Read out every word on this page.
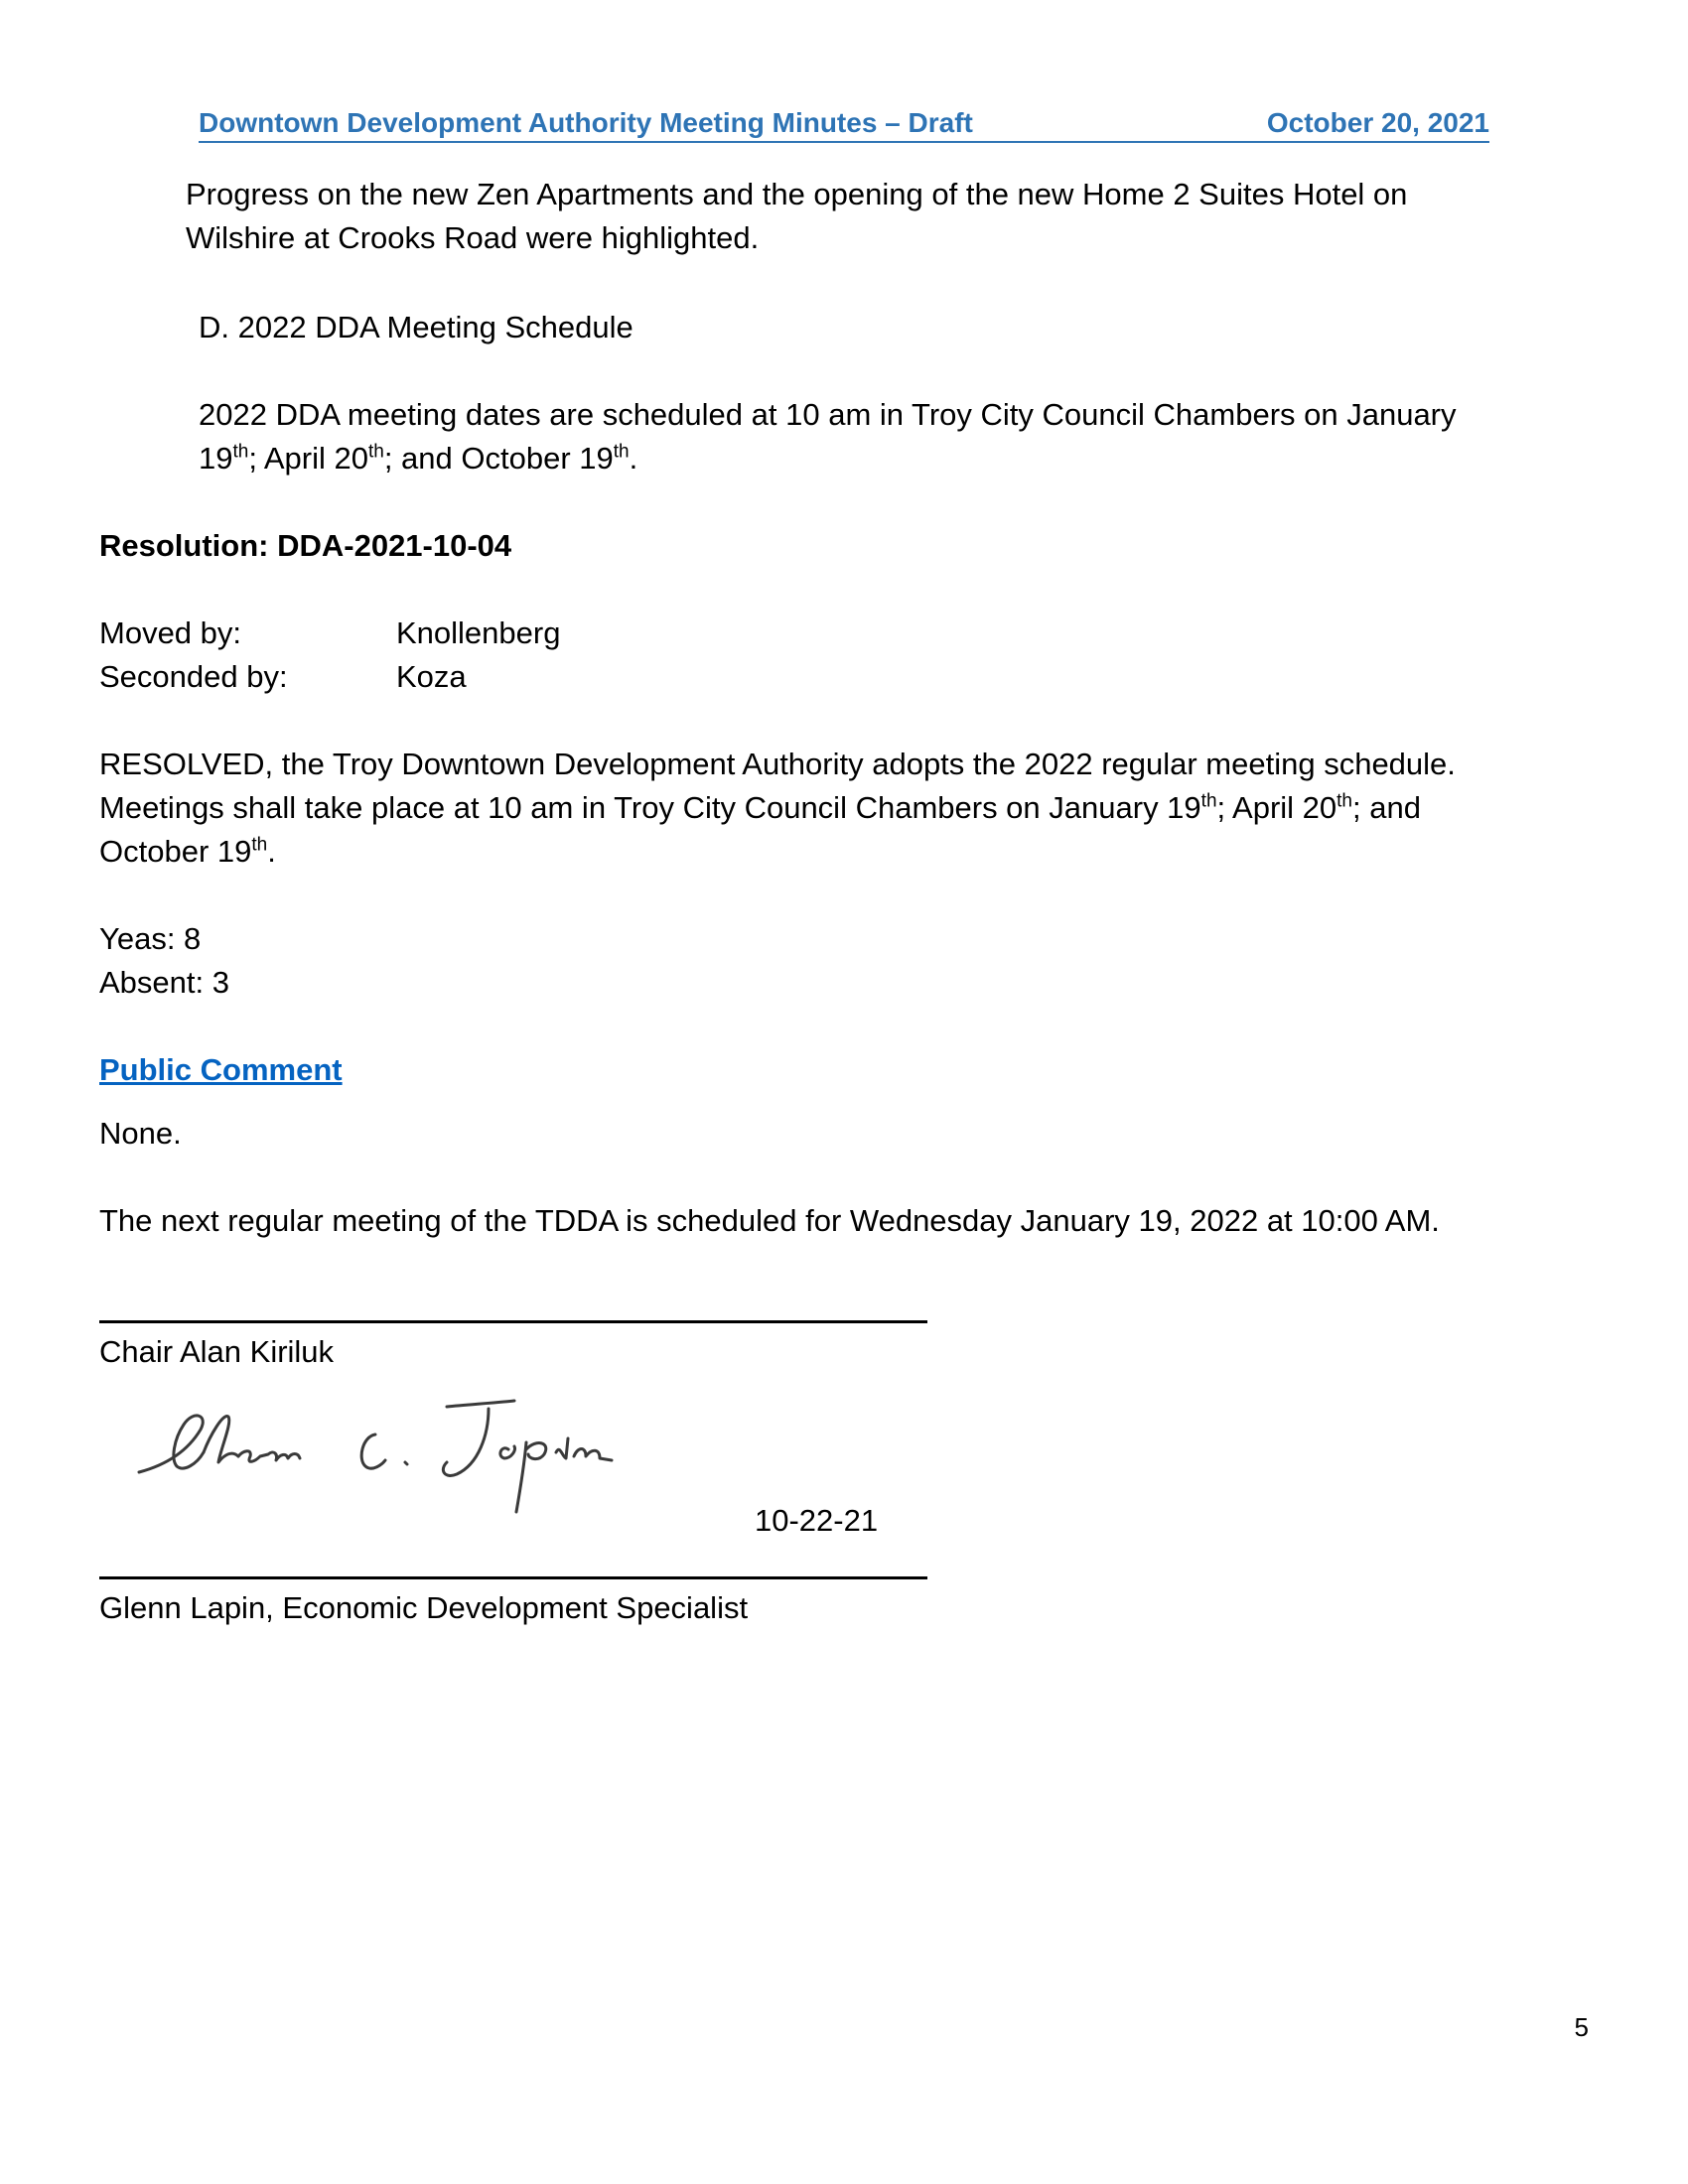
Downtown Development Authority Meeting Minutes – Draft	October 20, 2021
Progress on the new Zen Apartments and the opening of the new Home 2 Suites Hotel on
Wilshire at Crooks Road were highlighted.
D. 2022 DDA Meeting Schedule
2022 DDA meeting dates are scheduled at 10 am in Troy City Council Chambers on January
19th; April 20th; and October 19th.
Resolution: DDA-2021-10-04
Moved by:	Knollenberg
Seconded by:	Koza
RESOLVED, the Troy Downtown Development Authority adopts the 2022 regular meeting schedule.
Meetings shall take place at 10 am in Troy City Council Chambers on January 19th; April 20th; and
October 19th.
Yeas: 8
Absent: 3
Public Comment
None.
The next regular meeting of the TDDA is scheduled for Wednesday January 19, 2022 at 10:00 AM.
Chair Alan Kiriluk
10-22-21
Glenn Lapin, Economic Development Specialist
5
